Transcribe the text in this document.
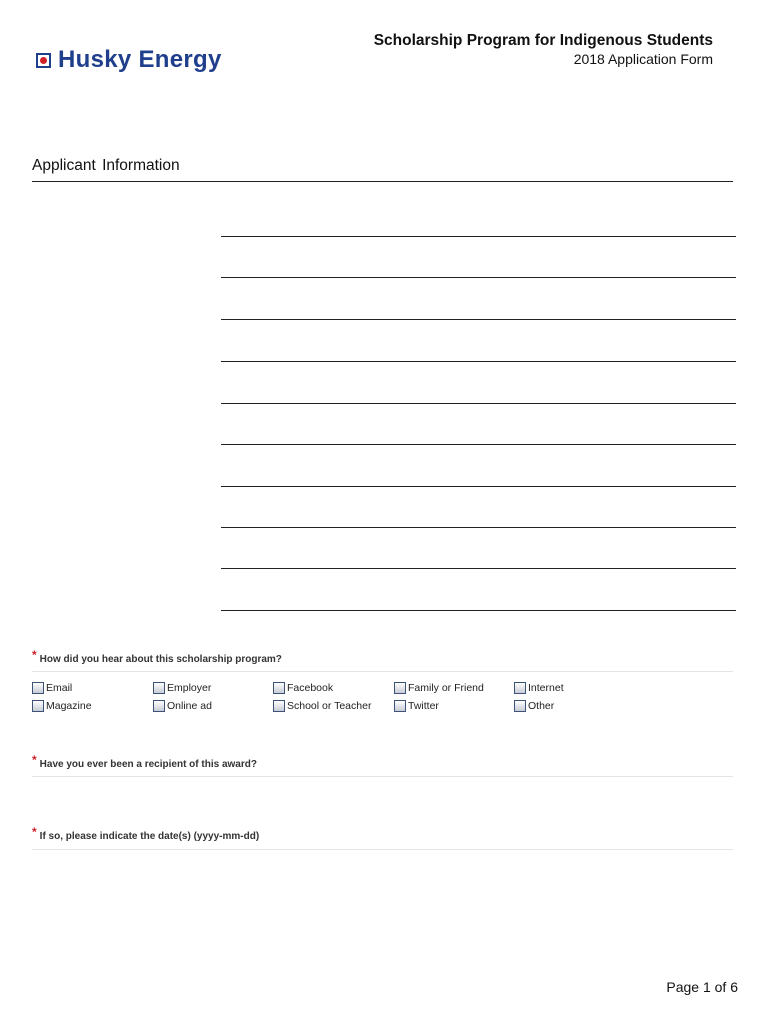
Husky Energy
Scholarship Program for Indigenous Students
2018 Application Form
Applicant Information
* How did you hear about this scholarship program?
Email	Employer	Facebook	Family or Friend	Internet
Magazine	Online ad	School or Teacher	Twitter	Other
* Have you ever been a recipient of this award?
* If so, please indicate the date(s) (yyyy-mm-dd)
Page 1 of 6
